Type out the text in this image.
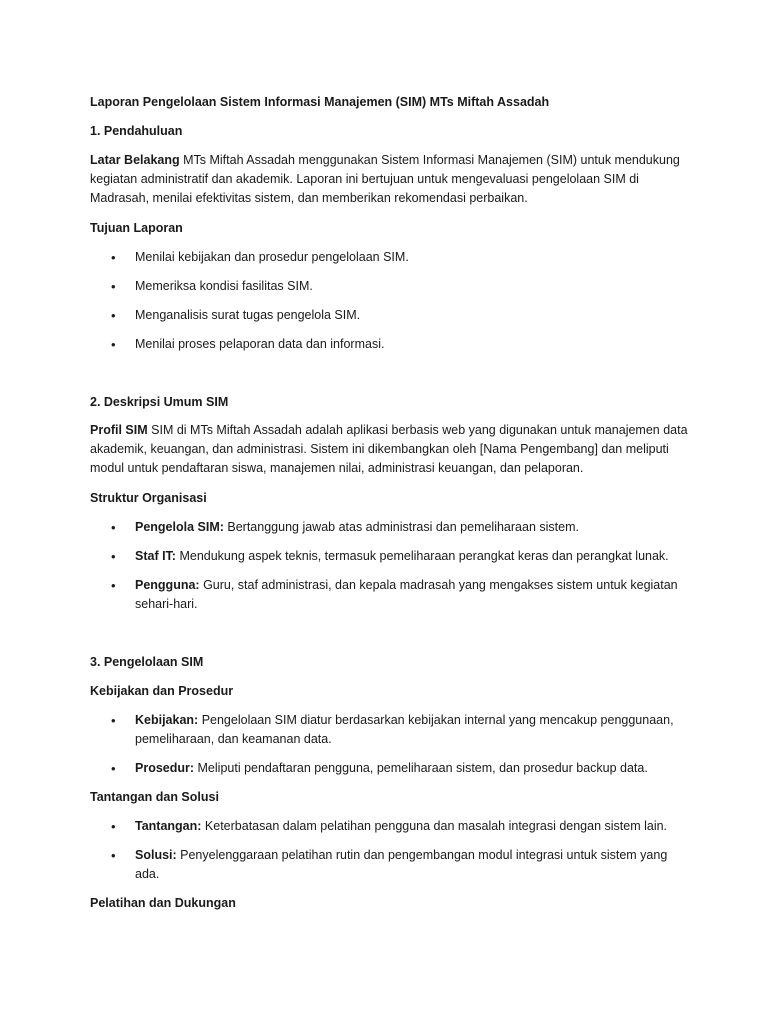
Laporan Pengelolaan Sistem Informasi Manajemen (SIM) MTs Miftah Assadah

1. Pendahuluan

Latar Belakang MTs Miftah Assadah menggunakan Sistem Informasi Manajemen (SIM) untuk mendukung kegiatan administratif dan akademik. Laporan ini bertujuan untuk mengevaluasi pengelolaan SIM di Madrasah, menilai efektivitas sistem, dan memberikan rekomendasi perbaikan.

Tujuan Laporan

•	Menilai kebijakan dan prosedur pengelolaan SIM.

•	Memeriksa kondisi fasilitas SIM.

•	Menganalisis surat tugas pengelola SIM.

•	Menilai proses pelaporan data dan informasi.

2. Deskripsi Umum SIM

Profil SIM SIM di MTs Miftah Assadah adalah aplikasi berbasis web yang digunakan untuk manajemen data akademik, keuangan, dan administrasi. Sistem ini dikembangkan oleh [Nama Pengembang] dan meliputi modul untuk pendaftaran siswa, manajemen nilai, administrasi keuangan, dan pelaporan.

Struktur Organisasi

•	Pengelola SIM: Bertanggung jawab atas administrasi dan pemeliharaan sistem.

•	Staf IT: Mendukung aspek teknis, termasuk pemeliharaan perangkat keras dan perangkat lunak.

•	Pengguna: Guru, staf administrasi, dan kepala madrasah yang mengakses sistem untuk kegiatan sehari-hari.

3. Pengelolaan SIM

Kebijakan dan Prosedur

•	Kebijakan: Pengelolaan SIM diatur berdasarkan kebijakan internal yang mencakup penggunaan, pemeliharaan, dan keamanan data.

•	Prosedur: Meliputi pendaftaran pengguna, pemeliharaan sistem, dan prosedur backup data.

Tantangan dan Solusi

•	Tantangan: Keterbatasan dalam pelatihan pengguna dan masalah integrasi dengan sistem lain.

•	Solusi: Penyelenggaraan pelatihan rutin dan pengembangan modul integrasi untuk sistem yang ada.

Pelatihan dan Dukungan
